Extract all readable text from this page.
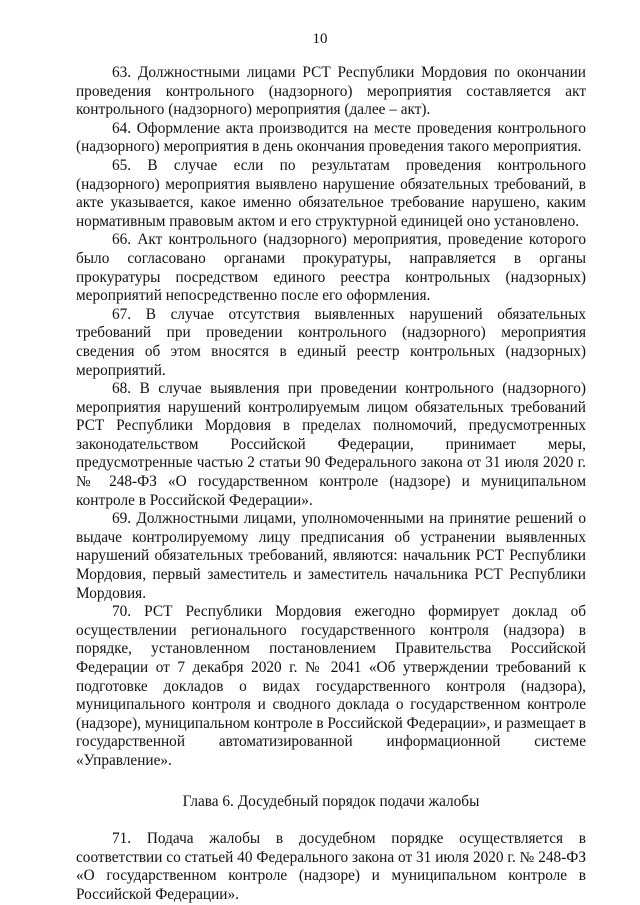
10

63. Должностными лицами РСТ Республики Мордовия по окончании проведения контрольного (надзорного) мероприятия составляется акт контрольного (надзорного) мероприятия (далее – акт).

64. Оформление акта производится на месте проведения контрольного (надзорного) мероприятия в день окончания проведения такого мероприятия.

65. В случае если по результатам проведения контрольного (надзорного) мероприятия выявлено нарушение обязательных требований, в акте указывается, какое именно обязательное требование нарушено, каким нормативным правовым актом и его структурной единицей оно установлено.

66. Акт контрольного (надзорного) мероприятия, проведение которого было согласовано органами прокуратуры, направляется в органы прокуратуры посредством единого реестра контрольных (надзорных) мероприятий непосредственно после его оформления.

67. В случае отсутствия выявленных нарушений обязательных требований при проведении контрольного (надзорного) мероприятия сведения об этом вносятся в единый реестр контрольных (надзорных) мероприятий.

68. В случае выявления при проведении контрольного (надзорного) мероприятия нарушений контролируемым лицом обязательных требований РСТ Республики Мордовия в пределах полномочий, предусмотренных законодательством Российской Федерации, принимает меры, предусмотренные частью 2 статьи 90 Федерального закона от 31 июля 2020 г. № 248-ФЗ «О государственном контроле (надзоре) и муниципальном контроле в Российской Федерации».

69. Должностными лицами, уполномоченными на принятие решений о выдаче контролируемому лицу предписания об устранении выявленных нарушений обязательных требований, являются: начальник РСТ Республики Мордовия, первый заместитель и заместитель начальника РСТ Республики Мордовия.

70. РСТ Республики Мордовия ежегодно формирует доклад об осуществлении регионального государственного контроля (надзора) в порядке, установленном постановлением Правительства Российской Федерации от 7 декабря 2020 г. № 2041 «Об утверждении требований к подготовке докладов о видах государственного контроля (надзора), муниципального контроля и сводного доклада о государственном контроле (надзоре), муниципальном контроле в Российской Федерации», и размещает в государственной автоматизированной информационной системе «Управление».

Глава 6. Досудебный порядок подачи жалобы

71. Подача жалобы в досудебном порядке осуществляется в соответствии со статьей 40 Федерального закона от 31 июля 2020 г. № 248-ФЗ «О государственном контроле (надзоре) и муниципальном контроле в Российской Федерации».
